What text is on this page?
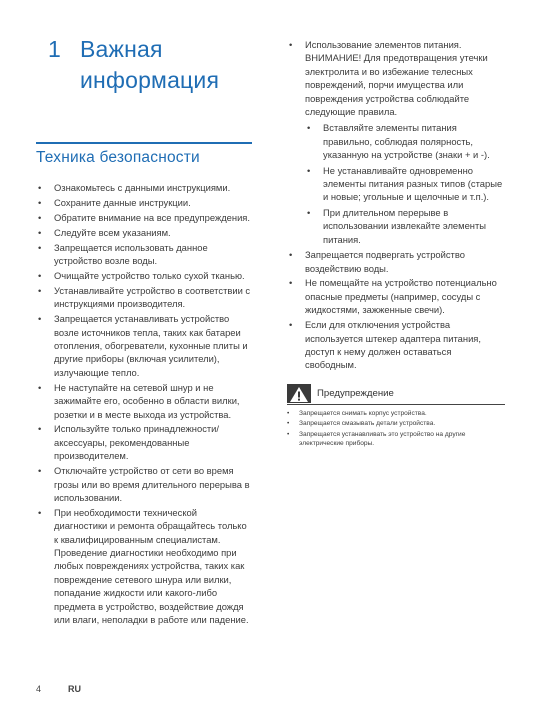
1 Важная информация
Техника безопасности
• Ознакомьтесь с данными инструкциями.
• Сохраните данные инструкции.
• Обратите внимание на все предупреждения.
• Следуйте всем указаниям.
• Запрещается использовать данное устройство возле воды.
• Очищайте устройство только сухой тканью.
• Устанавливайте устройство в соответствии с инструкциями производителя.
• Запрещается устанавливать устройство возле источников тепла, таких как батареи отопления, обогреватели, кухонные плиты и другие приборы (включая усилители), излучающие тепло.
• Не наступайте на сетевой шнур и не зажимайте его, особенно в области вилки, розетки и в месте выхода из устройства.
• Используйте только принадлежности/ аксессуары, рекомендованные производителем.
• Отключайте устройство от сети во время грозы или во время длительного перерыва в использовании.
• При необходимости технической диагностики и ремонта обращайтесь только к квалифицированным специалистам. Проведение диагностики необходимо при любых повреждениях устройства, таких как повреждение сетевого шнура или вилки, попадание жидкости или какого-либо предмета в устройство, воздействие дождя или влаги, неполадки в работе или падение.
• Использование элементов питания. ВНИМАНИЕ! Для предотвращения утечки электролита и во избежание телесных повреждений, порчи имущества или повреждения устройства соблюдайте следующие правила.
• Вставляйте элементы питания правильно, соблюдая полярность, указанную на устройстве (знаки + и -).
• Не устанавливайте одновременно элементы питания разных типов (старые и новые; угольные и щелочные и т.п.).
• При длительном перерыве в использовании извлекайте элементы питания.
• Запрещается подвергать устройство воздействию воды.
• Не помещайте на устройство потенциально опасные предметы (например, сосуды с жидкостями, зажженные свечи).
• Если для отключения устройства используется штекер адаптера питания, доступ к нему должен оставаться свободным.
Предупреждение
• Запрещается снимать корпус устройства.
• Запрещается смазывать детали устройства.
• Запрещается устанавливать это устройство на другие электрические приборы.
4	RU
